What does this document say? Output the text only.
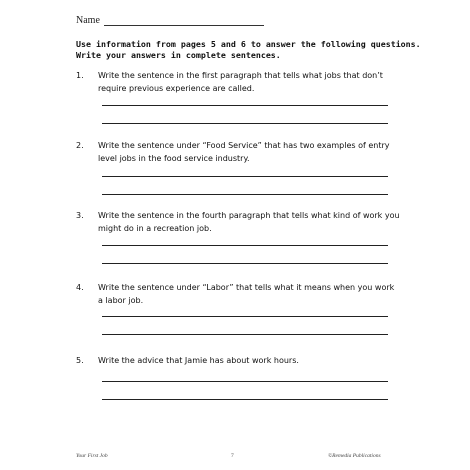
Name
Use information from pages 5 and 6 to answer the following questions.
Write your answers in complete sentences.
1. Write the sentence in the first paragraph that tells what jobs that don’t
require previous experience are called.
2. Write the sentence under “Food Service” that has two examples of entry
level jobs in the food service industry.
3. Write the sentence in the fourth paragraph that tells what kind of work you
might do in a recreation job.
4. Write the sentence under “Labor” that tells what it means when you work
a labor job.
5. Write the advice that Jamie has about work hours.
Your First Job	7	©Remedia Publications
